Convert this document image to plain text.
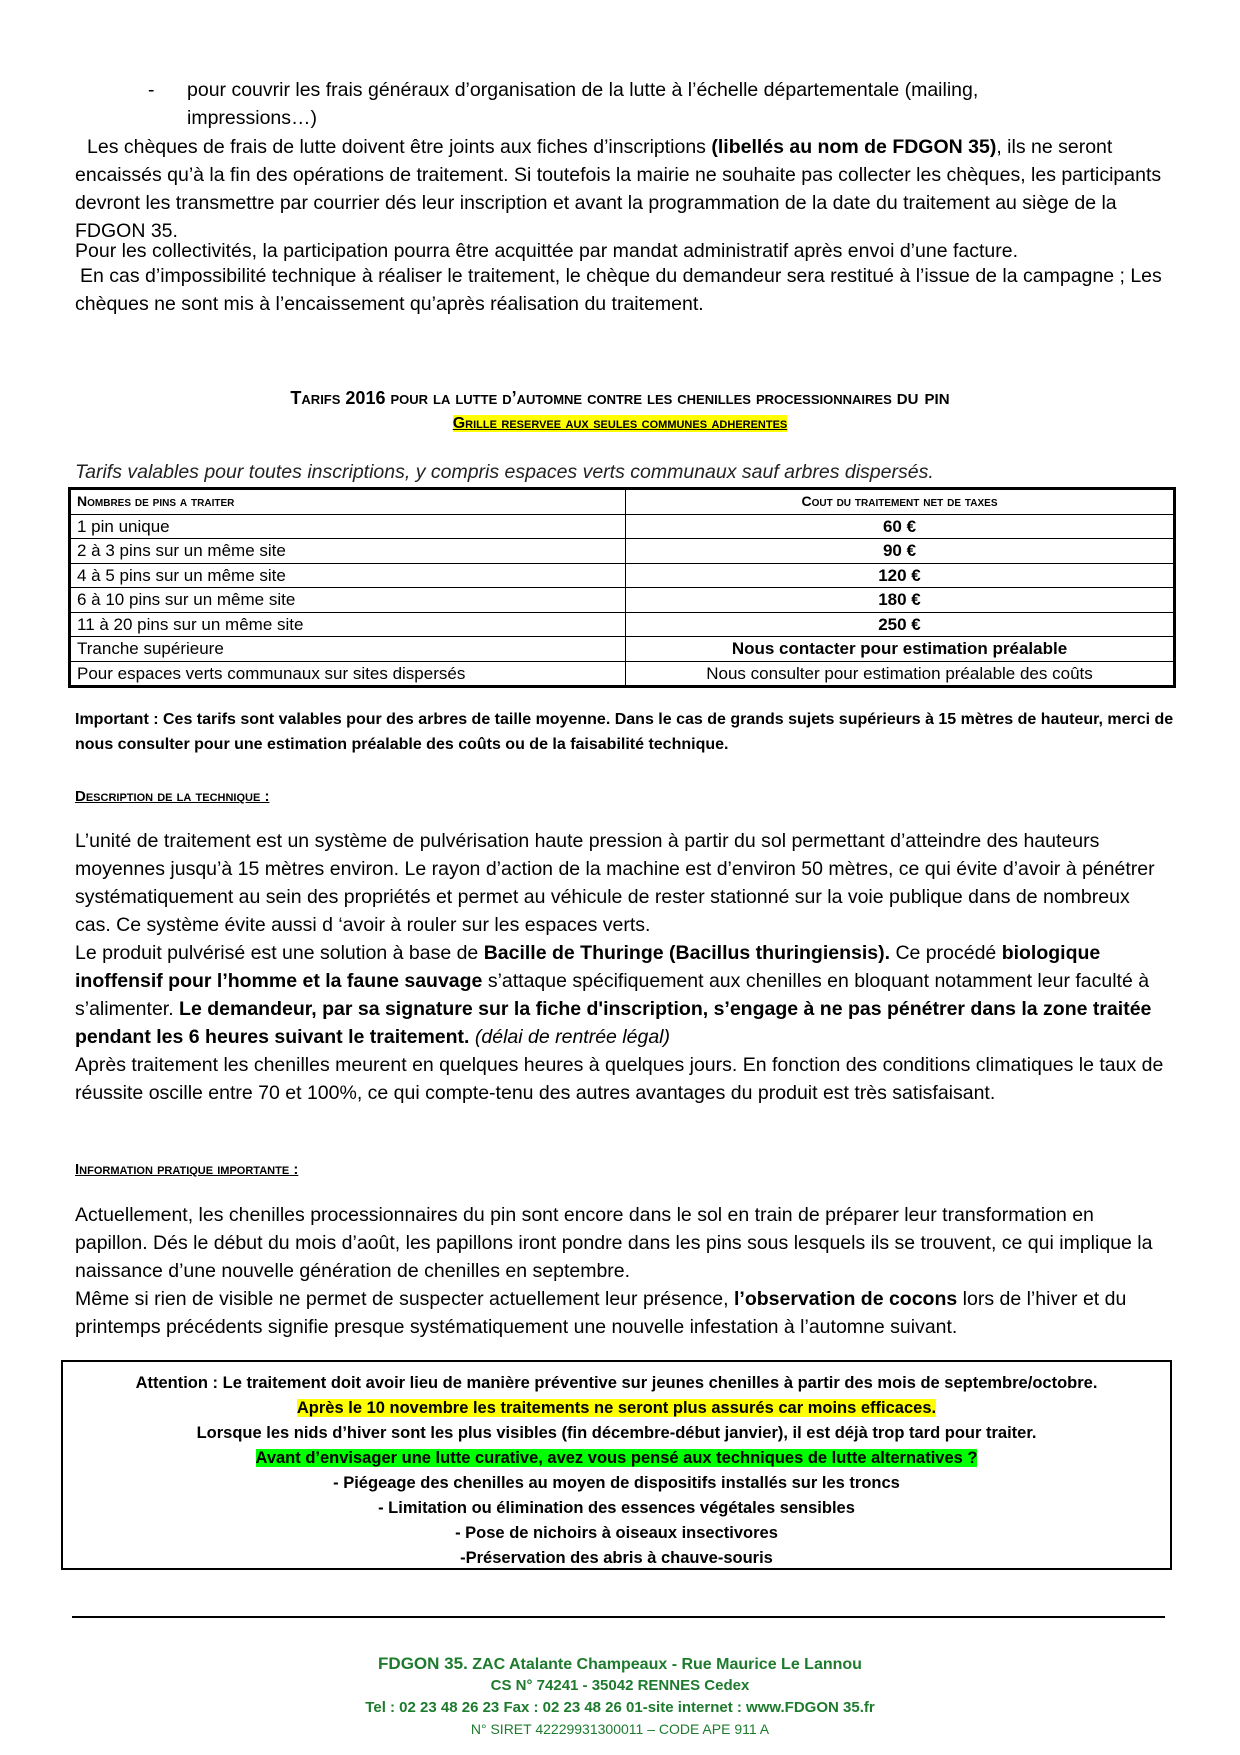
- pour couvrir les frais généraux d’organisation de la lutte à l’échelle départementale (mailing, impressions…)

Les chèques de frais de lutte doivent être joints aux fiches d’inscriptions (libellés au nom de FDGON 35), ils ne seront encaissés qu’à la fin des opérations de traitement. Si toutefois la mairie ne souhaite pas collecter les chèques, les participants devront les transmettre par courrier dés leur inscription et avant la programmation de la date du traitement au siège de la FDGON 35.

Pour les collectivités, la participation pourra être acquittée par mandat administratif après envoi d’une facture.

En cas d’impossibilité technique à réaliser le traitement, le chèque du demandeur sera restitué à l’issue de la campagne ; Les chèques ne sont mis à l’encaissement qu’après réalisation du traitement.

Tarifs 2016 pour la lutte d’automne contre les chenilles processionnaires du pin
Grille reservee aux seules communes adherentes
Tarifs valables pour toutes inscriptions, y compris espaces verts communaux sauf arbres dispersés.
Nombres de pins a traiter	Cout du traitement net de taxes
1 pin unique	60 €
2 à 3 pins sur un même site	90 €
4 à 5 pins sur un même site	120 €
6 à 10 pins sur un même site	180 €
11 à 20 pins sur un même site	250 €
Tranche supérieure	Nous contacter pour estimation préalable
Pour espaces verts communaux sur sites dispersés	Nous consulter pour estimation préalable des coûts
Important : Ces tarifs sont valables pour des arbres de taille moyenne. Dans le cas de grands sujets supérieurs à 15 mètres de hauteur, merci de nous consulter pour une estimation préalable des coûts ou de la faisabilité technique.
Description de la technique :

L’unité de traitement est un système de pulvérisation haute pression à partir du sol permettant d’atteindre des hauteurs moyennes jusqu’à 15 mètres environ. Le rayon d’action de la machine est d’environ 50 mètres, ce qui évite d’avoir à pénétrer systématiquement au sein des propriétés et permet au véhicule de rester stationné sur la voie publique dans de nombreux cas. Ce système évite aussi d ‘avoir à rouler sur les espaces verts.

Le produit pulvérisé est une solution à base de Bacille de Thuringe (Bacillus thuringiensis). Ce procédé biologique inoffensif pour l’homme et la faune sauvage s’attaque spécifiquement aux chenilles en bloquant notamment leur faculté à s’alimenter. Le demandeur, par sa signature sur la fiche d'inscription, s’engage à ne pas pénétrer dans la zone traitée pendant les 6 heures suivant le traitement. (délai de rentrée légal)

Après traitement les chenilles meurent en quelques heures à quelques jours. En fonction des conditions climatiques le taux de réussite oscille entre 70 et 100%, ce qui compte-tenu des autres avantages du produit est très satisfaisant.

Information pratique importante :

Actuellement, les chenilles processionnaires du pin sont encore dans le sol en train de préparer leur transformation en papillon. Dés le début du mois d’août, les papillons iront pondre dans les pins sous lesquels ils se trouvent, ce qui implique la naissance d’une nouvelle génération de chenilles en septembre.

Même si rien de visible ne permet de suspecter actuellement leur présence, l’observation de cocons lors de l’hiver et du printemps précédents signifie presque systématiquement une nouvelle infestation à l’automne suivant.

Attention : Le traitement doit avoir lieu de manière préventive sur jeunes chenilles à partir des mois de septembre/octobre.
Après le 10 novembre les traitements ne seront plus assurés car moins efficaces.
Lorsque les nids d’hiver sont les plus visibles (fin décembre-début janvier), il est déjà trop tard pour traiter.
Avant d’envisager une lutte curative, avez vous pensé aux techniques de lutte alternatives ?
- Piégeage des chenilles au moyen de dispositifs installés sur les troncs
- Limitation ou élimination des essences végétales sensibles
- Pose de nichoirs à oiseaux insectivores
-Préservation des abris à chauve-souris
FDGON 35. ZAC Atalante Champeaux - Rue Maurice Le Lannou
CS N° 74241 - 35042 RENNES Cedex
Tel : 02 23 48 26 23 Fax : 02 23 48 26 01-site internet : www.FDGON 35.fr
N° SIRET 42229931300011 – CODE APE 911 A
